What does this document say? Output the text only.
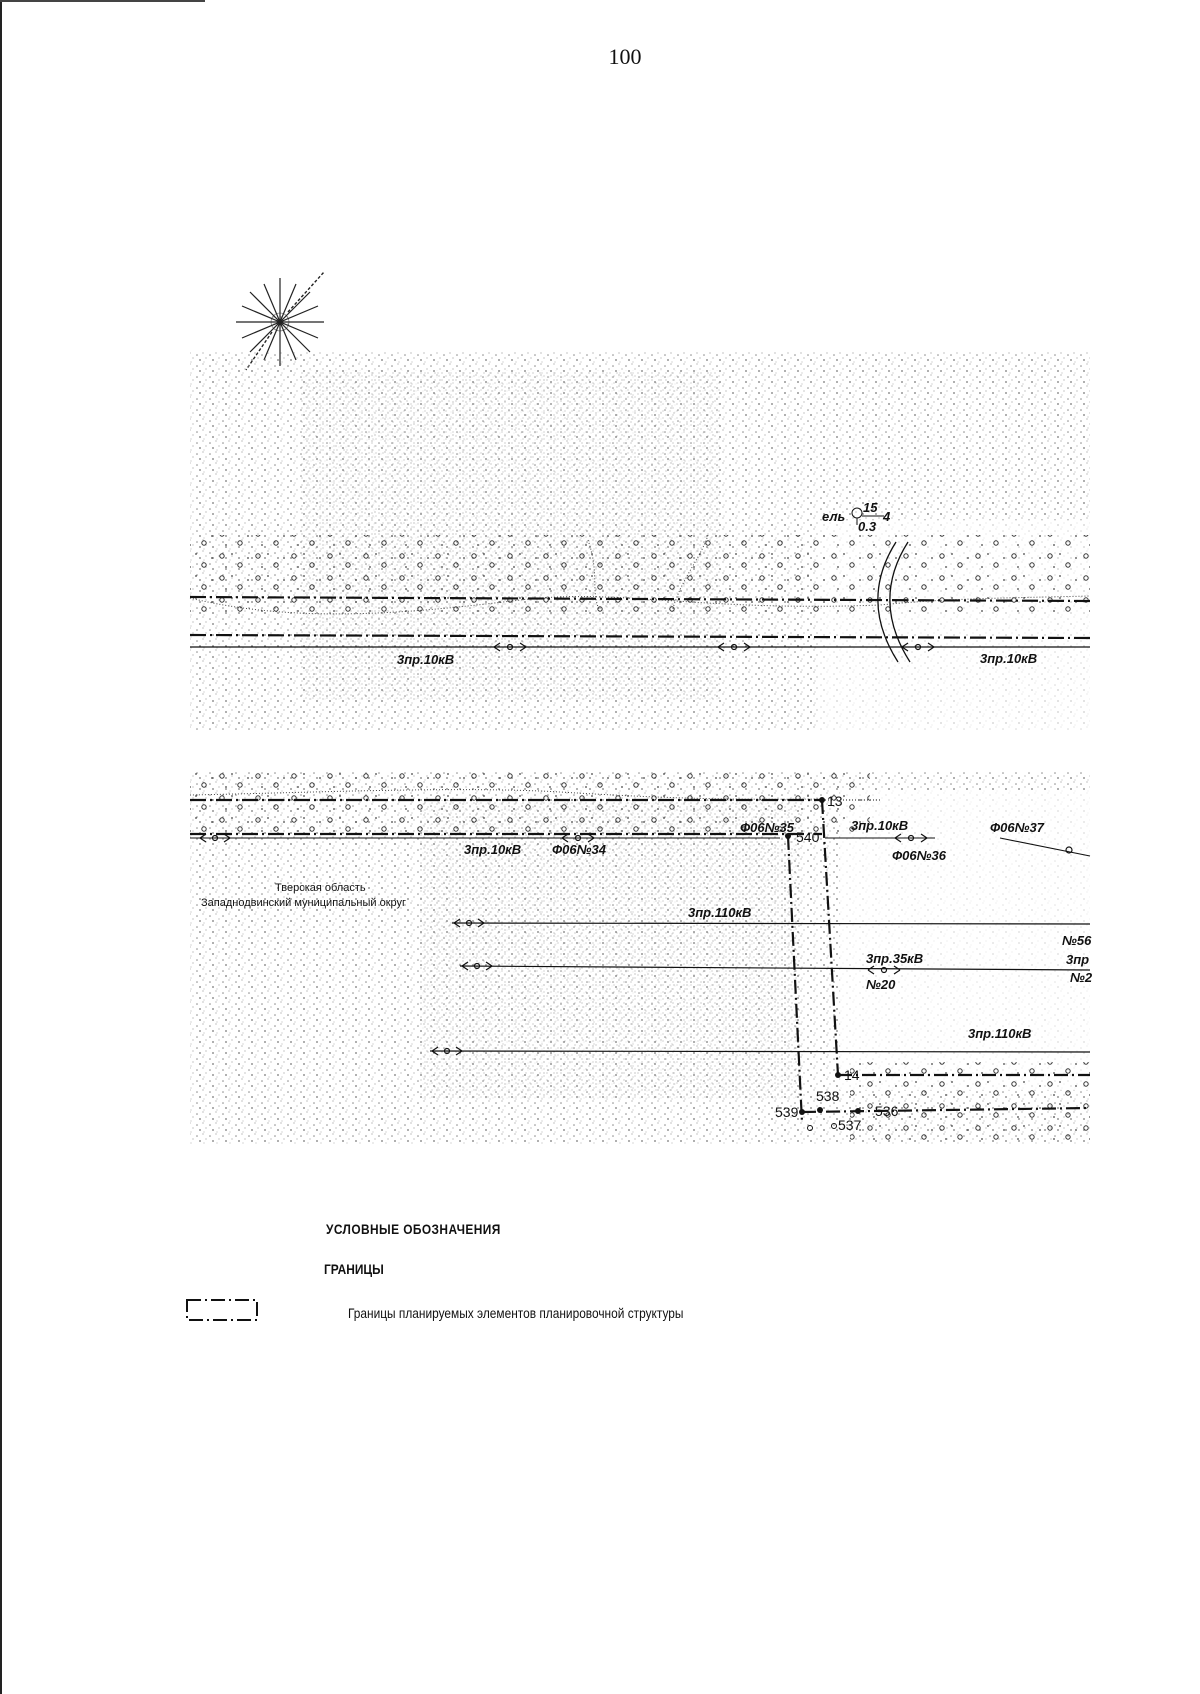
100
ель
15
0.3
4
3пр.10кВ	3пр.10кВ
13
Ф06№35
540
3пр.10кВ	Ф06№37
3пр.10кВ Ф06№34	Ф06№36
Тверская область
Западнодвинский муниципальный округ
3пр.110кВ
№56
3пр
№2
3пр.35кВ
№20
3пр.110кВ
14
538
539	536
537
УСЛОВНЫЕ ОБОЗНАЧЕНИЯ
ГРАНИЦЫ
Границы планируемых элементов планировочной структуры
